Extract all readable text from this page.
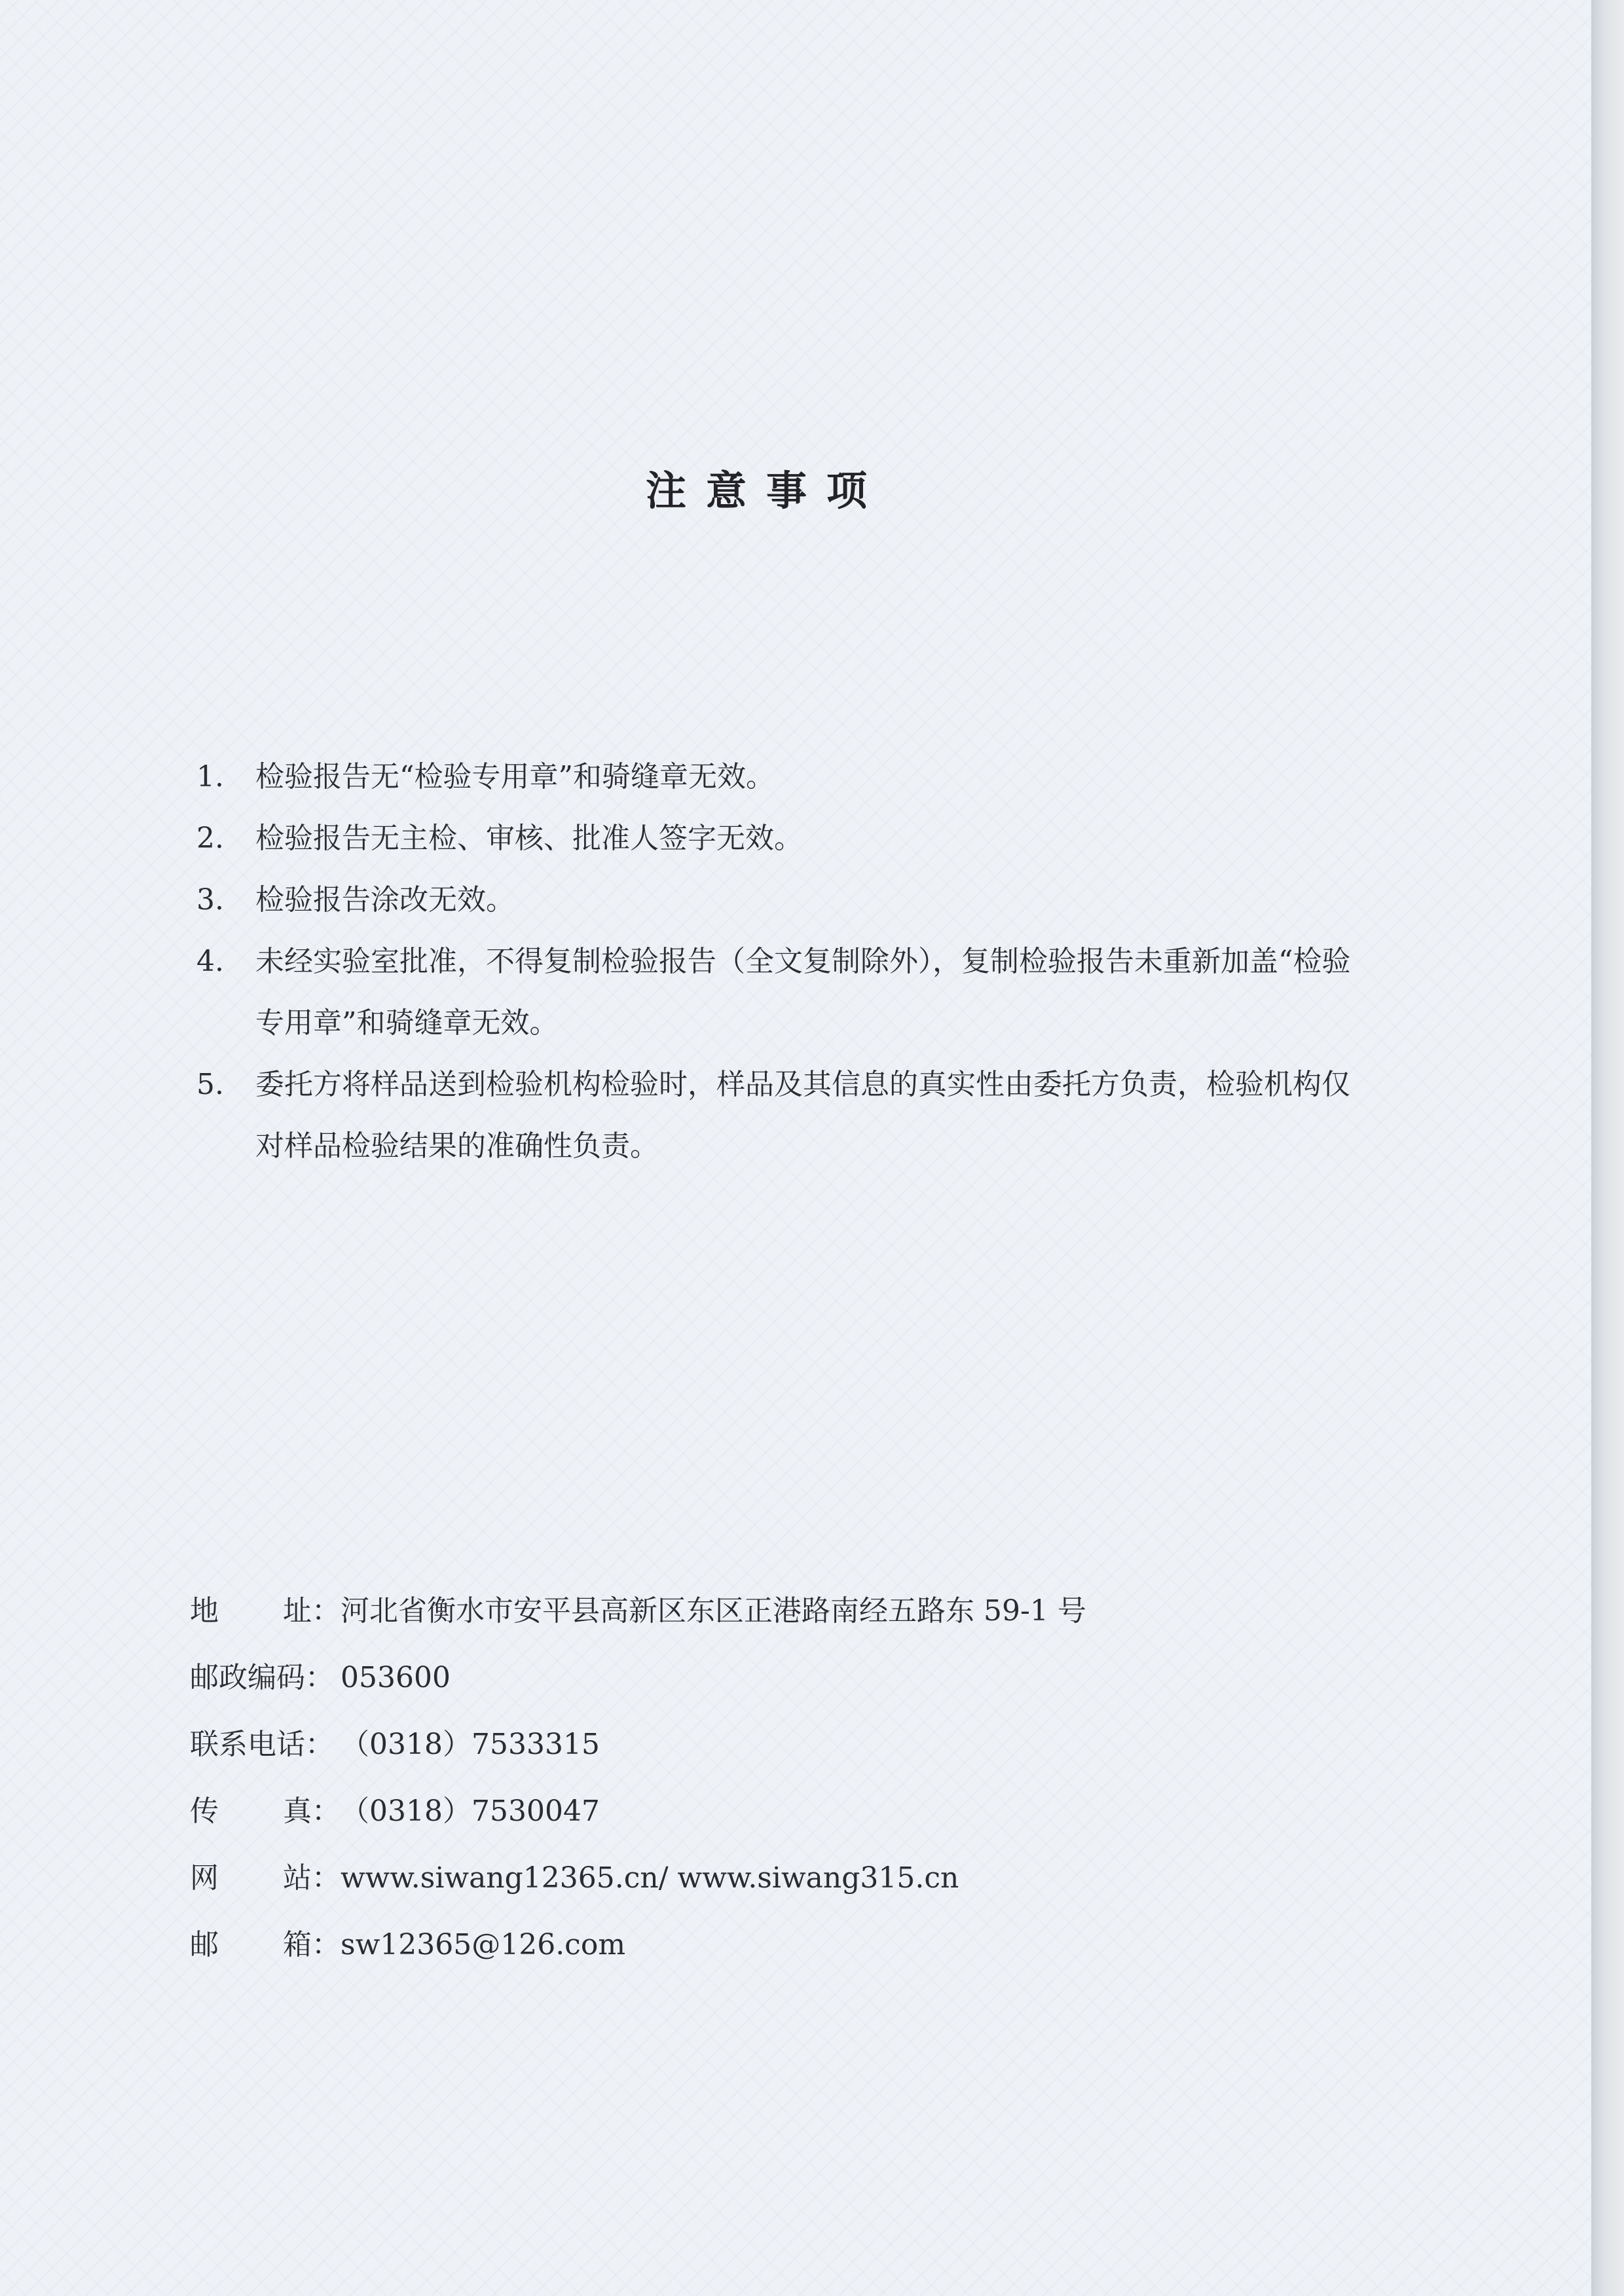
注意事项
1.	检验报告无“检验专用章”和骑缝章无效。
2.	检验报告无主检、审核、批准人签字无效。
3.	检验报告涂改无效。
4.	未经实验室批准，不得复制检验报告（全文复制除外），复制检验报告未重新加盖“检验专用章”和骑缝章无效。
5.	委托方将样品送到检验机构检验时，样品及其信息的真实性由委托方负责，检验机构仅对样品检验结果的准确性负责。
地 址： 河北省衡水市安平县高新区东区正港路南经五路东 59-1 号
邮政编码 ： 053600
联系电话 ： （0318）7533315
传 真： （0318）7530047
网 站： www.siwang12365.cn/ www.siwang315.cn
邮 箱： sw12365@126.com
